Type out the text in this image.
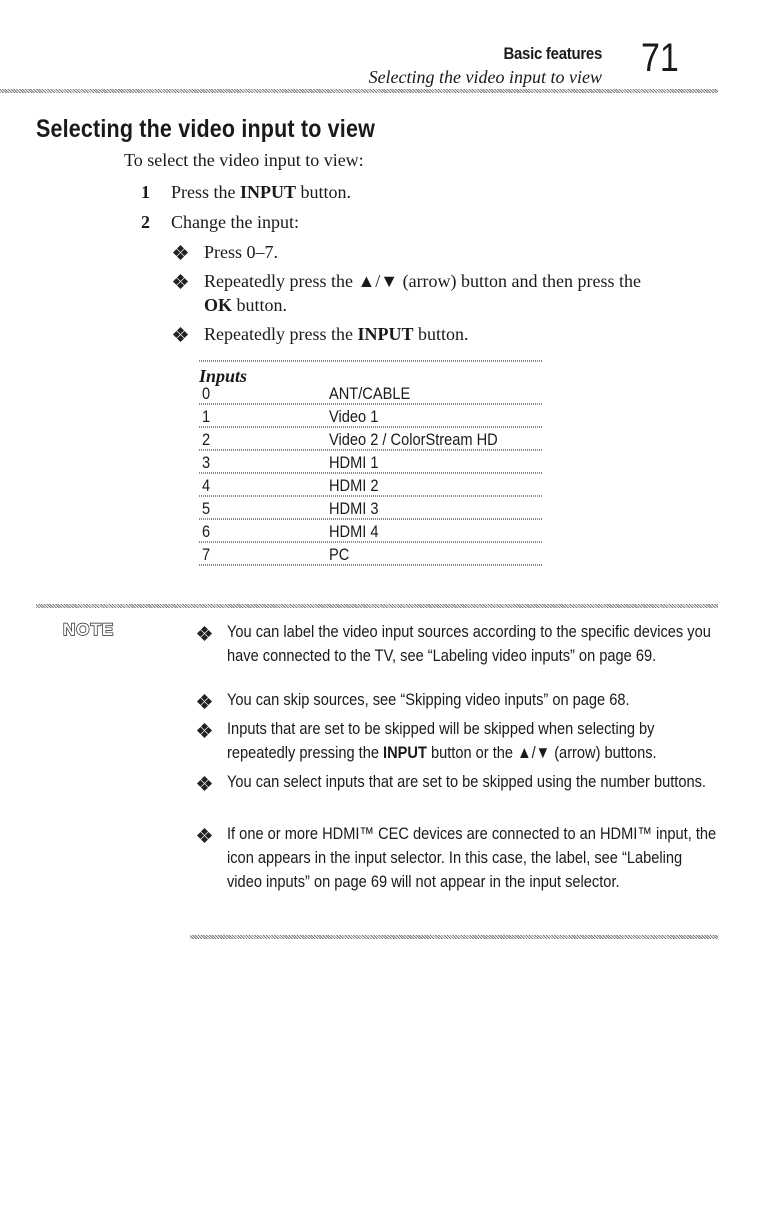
Basic features
Selecting the video input to view 71
Selecting the video input to view
To select the video input to view:
1 Press the INPUT button.
2 Change the input:
Press 0–7.
Repeatedly press the ▲/▼ (arrow) button and then press the
OK button.
Repeatedly press the INPUT button.
Inputs
0	ANT/CABLE
1	Video 1
2	Video 2 / ColorStream HD
3	HDMI 1
4	HDMI 2
5	HDMI 3
6	HDMI 4
7	PC
NOTE	You can label the video input sources according to the specific devices you have connected to the TV, see “Labeling video inputs” on page 69.
You can skip sources, see “Skipping video inputs” on page 68.
Inputs that are set to be skipped will be skipped when selecting by repeatedly pressing the INPUT button or the ▲/▼ (arrow) buttons.
You can select inputs that are set to be skipped using the number buttons.
If one or more HDMI™ CEC devices are connected to an HDMI™ input, the icon appears in the input selector. In this case, the label, see “Labeling video inputs” on page 69 will not appear in the input selector.
